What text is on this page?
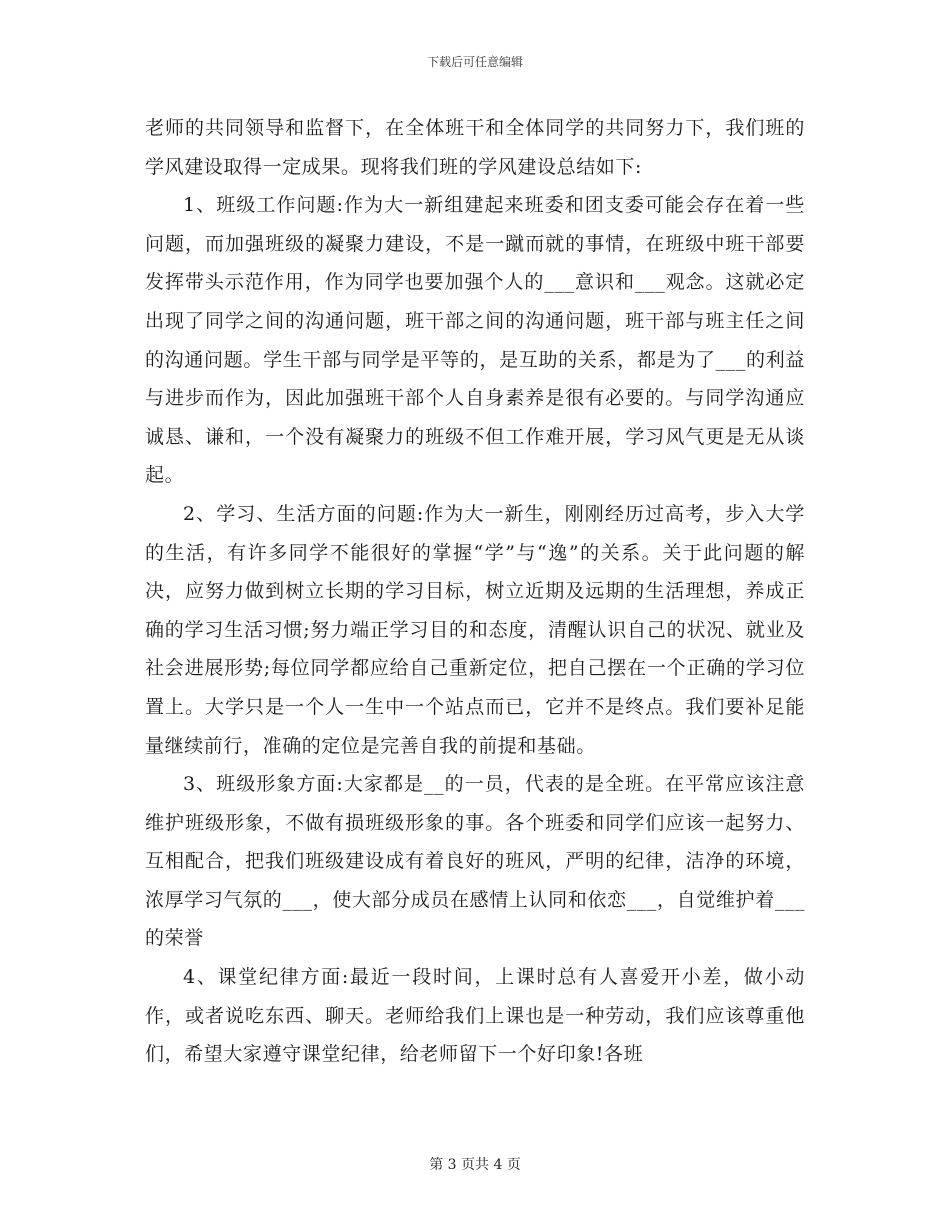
下载后可任意编辑

老师的共同领导和监督下，在全体班干和全体同学的共同努力下，我们班的学风建设取得一定成果。现将我们班的学风建设总结如下:

1、班级工作问题:作为大一新组建起来班委和团支委可能会存在着一些问题，而加强班级的凝聚力建设，不是一蹴而就的事情，在班级中班干部要发挥带头示范作用，作为同学也要加强个人的___意识和___观念。这就必定出现了同学之间的沟通问题，班干部之间的沟通问题，班干部与班主任之间的沟通问题。学生干部与同学是平等的，是互助的关系，都是为了___的利益与进步而作为，因此加强班干部个人自身素养是很有必要的。与同学沟通应诚恳、谦和，一个没有凝聚力的班级不但工作难开展，学习风气更是无从谈起。

2、学习、生活方面的问题:作为大一新生，刚刚经历过高考，步入大学的生活，有许多同学不能很好的掌握“学”与“逸”的关系。关于此问题的解决，应努力做到树立长期的学习目标，树立近期及远期的生活理想，养成正确的学习生活习惯;努力端正学习目的和态度，清醒认识自己的状况、就业及社会进展形势;每位同学都应给自己重新定位，把自己摆在一个正确的学习位置上。大学只是一个人一生中一个站点而已，它并不是终点。我们要补足能量继续前行，准确的定位是完善自我的前提和基础。

3、班级形象方面:大家都是__的一员，代表的是全班。在平常应该注意维护班级形象，不做有损班级形象的事。各个班委和同学们应该一起努力、互相配合，把我们班级建设成有着良好的班风，严明的纪律，洁净的环境，浓厚学习气氛的___，使大部分成员在感情上认同和依恋___，自觉维护着___的荣誉

4、课堂纪律方面:最近一段时间，上课时总有人喜爱开小差，做小动作，或者说吃东西、聊天。老师给我们上课也是一种劳动，我们应该尊重他们，希望大家遵守课堂纪律，给老师留下一个好印象!各班

第 3 页共 4 页
